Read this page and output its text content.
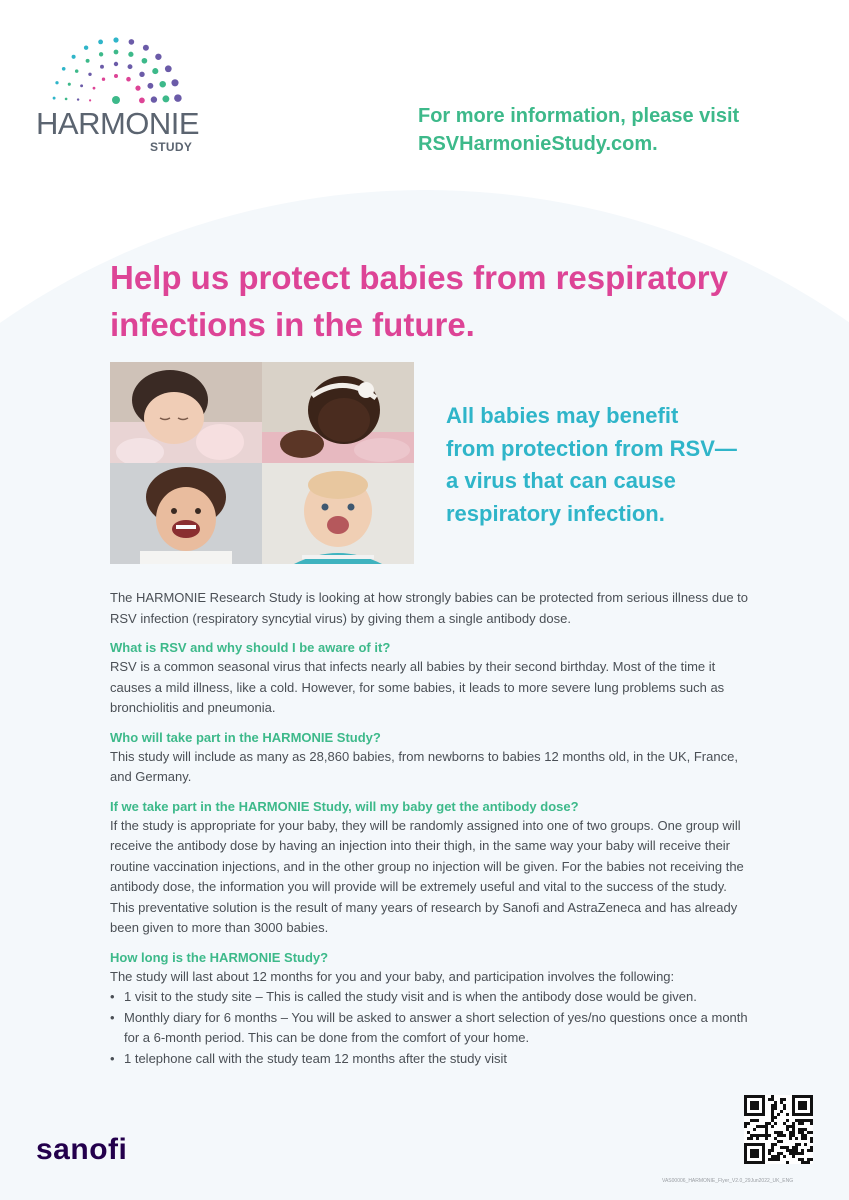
HARMONIE
STUDY
For more information, please visit
RSVHarmonieStudy.com.
Help us protect babies from respiratory
infections in the future.
All babies may benefit
from protection from RSV—
a virus that can cause
respiratory infection.

The HARMONIE Research Study is looking at how strongly babies can be protected from serious illness due to RSV infection (respiratory syncytial virus) by giving them a single antibody dose.

What is RSV and why should I be aware of it?

RSV is a common seasonal virus that infects nearly all babies by their second birthday. Most of the time it causes a mild illness, like a cold. However, for some babies, it leads to more severe lung problems such as bronchiolitis and pneumonia.

Who will take part in the HARMONIE Study?

This study will include as many as 28,860 babies, from newborns to babies 12 months old, in the UK, France, and Germany.

If we take part in the HARMONIE Study, will my baby get the antibody dose?

If the study is appropriate for your baby, they will be randomly assigned into one of two groups. One group will receive the antibody dose by having an injection into their thigh, in the same way your baby will receive their routine vaccination injections, and in the other group no injection will be given. For the babies not receiving the antibody dose, the information you will provide will be extremely useful and vital to the success of the study. This preventative solution is the result of many years of research by Sanofi and AstraZeneca and has already been given to more than 3000 babies.

How long is the HARMONIE Study?

The study will last about 12 months for you and your baby, and participation involves the following:

• 1 visit to the study site – This is called the study visit and is when the antibody dose would be given.
• Monthly diary for 6 months – You will be asked to answer a short selection of yes/no questions once a month for a 6-month period. This can be done from the comfort of your home.
• 1 telephone call with the study team 12 months after the study visit
sanofi
VAS00006_HARMONIE_Flyer_V2.0_29Jun2022_UK_ENG
